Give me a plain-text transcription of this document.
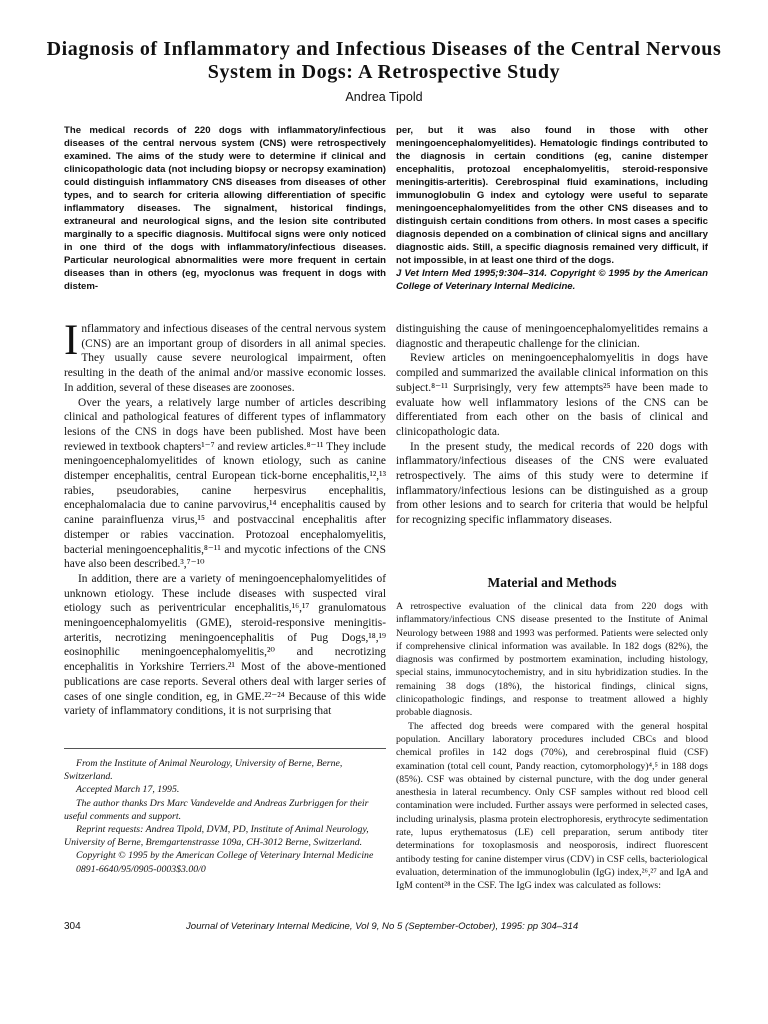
Diagnosis of Inflammatory and Infectious Diseases of the Central Nervous System in Dogs: A Retrospective Study
Andrea Tipold
The medical records of 220 dogs with inflammatory/infectious diseases of the central nervous system (CNS) were retrospectively examined. The aims of the study were to determine if clinical and clinicopathologic data (not including biopsy or necropsy examination) could distinguish inflammatory CNS diseases from diseases of other types, and to search for criteria allowing differentiation of specific inflammatory diseases. The signalment, historical findings, extraneural and neurological signs, and the lesion site contributed marginally to a specific diagnosis. Multifocal signs were only noticed in one third of the dogs with inflammatory/infectious diseases. Particular neurological abnormalities were more frequent in certain diseases than in others (eg, myoclonus was frequent in dogs with distem-
per, but it was also found in those with other meningoencephalomyelitides). Hematologic findings contributed to the diagnosis in certain conditions (eg, canine distemper encephalitis, protozoal encephalomyelitis, steroid-responsive meningitis-arteritis). Cerebrospinal fluid examinations, including immunoglobulin G index and cytology were useful to separate meningoencephalomyelitides from the other CNS diseases and to distinguish certain conditions from others. In most cases a specific diagnosis depended on a combination of clinical signs and ancillary diagnostic aids. Still, a specific diagnosis remained very difficult, if not impossible, in at least one third of the dogs.
J Vet Intern Med 1995;9:304–314. Copyright © 1995 by the American College of Veterinary Internal Medicine.

Inflammatory and infectious diseases of the central nervous system (CNS) are an important group of disorders in all animal species. They usually cause severe neurological impairment, often resulting in the death of the animal and/or massive economic losses. In addition, several of these diseases are zoonoses.

Over the years, a relatively large number of articles describing clinical and pathological features of different types of inflammatory lesions of the CNS in dogs have been published. Most have been reviewed in textbook chapters¹⁻⁷ and review articles.⁸⁻¹¹ They include meningoencephalomyelitides of known etiology, such as canine distemper encephalitis, central European tick-borne encephalitis,¹²,¹³ rabies, pseudorabies, canine herpesvirus encephalitis, encephalomalacia due to canine parvovirus,¹⁴ encephalitis caused by canine parainfluenza virus,¹⁵ and postvaccinal encephalitis after distemper or rabies vaccination. Protozoal encephalomyelitis, bacterial meningoencephalitis,⁸⁻¹¹ and mycotic infections of the CNS have also been described.³,⁷⁻¹⁰

In addition, there are a variety of meningoencephalomyelitides of unknown etiology. These include diseases with suspected viral etiology such as periventricular encephalitis,¹⁶,¹⁷ granulomatous meningoencephalomyelitis (GME), steroid-responsive meningitis-arteritis, necrotizing meningoencephalitis of Pug Dogs,¹⁸,¹⁹ eosinophilic meningoencephalomyelitis,²⁰ and necrotizing encephalitis in Yorkshire Terriers.²¹ Most of the above-mentioned publications are case reports. Several others deal with larger series of cases of one single condition, eg, in GME.²²⁻²⁴ Because of this wide variety of inflammatory conditions, it is not surprising that

distinguishing the cause of meningoencephalomyelitides remains a diagnostic and therapeutic challenge for the clinician.

Review articles on meningoencephalomyelitis in dogs have compiled and summarized the available clinical information on this subject.⁸⁻¹¹ Surprisingly, very few attempts²⁵ have been made to evaluate how well inflammatory lesions of the CNS can be differentiated from each other on the basis of clinical and clinicopathologic data.

In the present study, the medical records of 220 dogs with inflammatory/infectious diseases of the CNS were evaluated retrospectively. The aims of this study were to determine if inflammatory/infectious lesions can be distinguished as a group from other lesions and to search for criteria that would be helpful for recognizing specific inflammatory diseases.

Material and Methods

A retrospective evaluation of the clinical data from 220 dogs with inflammatory/infectious CNS disease presented to the Institute of Animal Neurology between 1988 and 1993 was performed. Patients were selected only if comprehensive clinical information was available. In 182 dogs (82%), the diagnosis was confirmed by postmortem examination, including histology, special stains, immunocytochemistry, and in situ hybridization studies. In the remaining 38 dogs (18%), the historical findings, clinical signs, clinicopathologic findings, and response to treatment allowed a highly probable diagnosis.

The affected dog breeds were compared with the general hospital population. Ancillary laboratory procedures included CBCs and blood chemical profiles in 142 dogs (70%), and cerebrospinal fluid (CSF) examination (total cell count, Pandy reaction, cytomorphology)⁴,⁵ in 188 dogs (85%). CSF was obtained by cisternal puncture, with the dog under general anesthesia in lateral recumbency. Only CSF samples without red blood cell contamination were included. Further assays were performed in selected cases, including urinalysis, plasma protein electrophoresis, erythrocyte sedimentation rate, lupus erythematosus (LE) cell preparation, serum antibody titer determinations for toxoplasmosis and neosporosis, indirect fluorescent antibody testing for canine distemper virus (CDV) in CSF cells, bacteriological evaluation, determination of the immunoglobulin (IgG) index,²⁶,²⁷ and IgA and IgM content²⁸ in the CSF. The IgG index was calculated as follows:

From the Institute of Animal Neurology, University of Berne, Berne, Switzerland.

Accepted March 17, 1995.

The author thanks Drs Marc Vandevelde and Andreas Zurbriggen for their useful comments and support.

Reprint requests: Andrea Tipold, DVM, PD, Institute of Animal Neurology, University of Berne, Bremgartenstrasse 109a, CH-3012 Berne, Switzerland.

Copyright © 1995 by the American College of Veterinary Internal Medicine

0891-6640/95/0905-0003$3.00/0

304	Journal of Veterinary Internal Medicine, Vol 9, No 5 (September-October), 1995: pp 304–314
